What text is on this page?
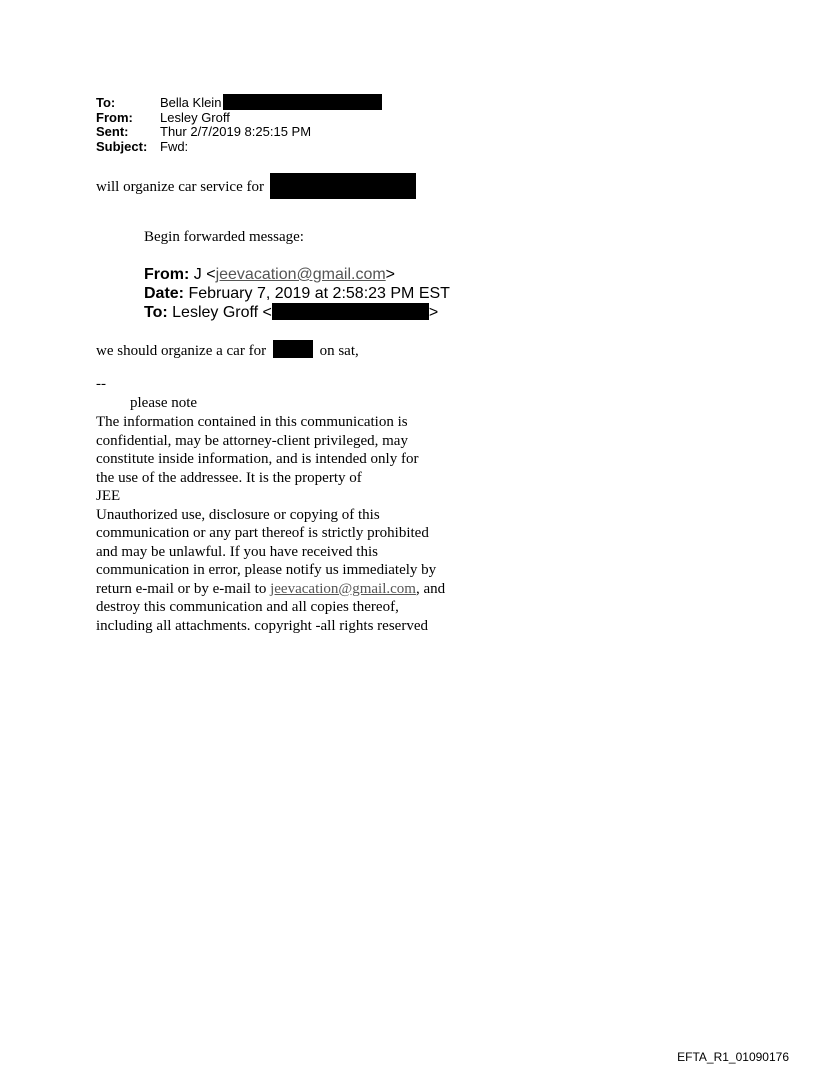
To:	Bella Klein
From:	Lesley Groff
Sent:	Thur 2/7/2019 8:25:15 PM
Subject: Fwd:
will organize car service for
Begin forwarded message:
From: J <jeevacation@gmail.com>
Date: February 7, 2019 at 2:58:23 PM EST
To: Lesley Groff <	>
we should organize a car for	on sat,
--
please note
The information contained in this communication is
confidential, may be attorney-client privileged, may
constitute inside information, and is intended only for
the use of the addressee. It is the property of
JEE
Unauthorized use, disclosure or copying of this
communication or any part thereof is strictly prohibited
and may be unlawful. If you have received this
communication in error, please notify us immediately by
return e-mail or by e-mail to jeevacation@gmail.com, and
destroy this communication and all copies thereof,
including all attachments. copyright -all rights reserved
EFTA_R1_01090176
